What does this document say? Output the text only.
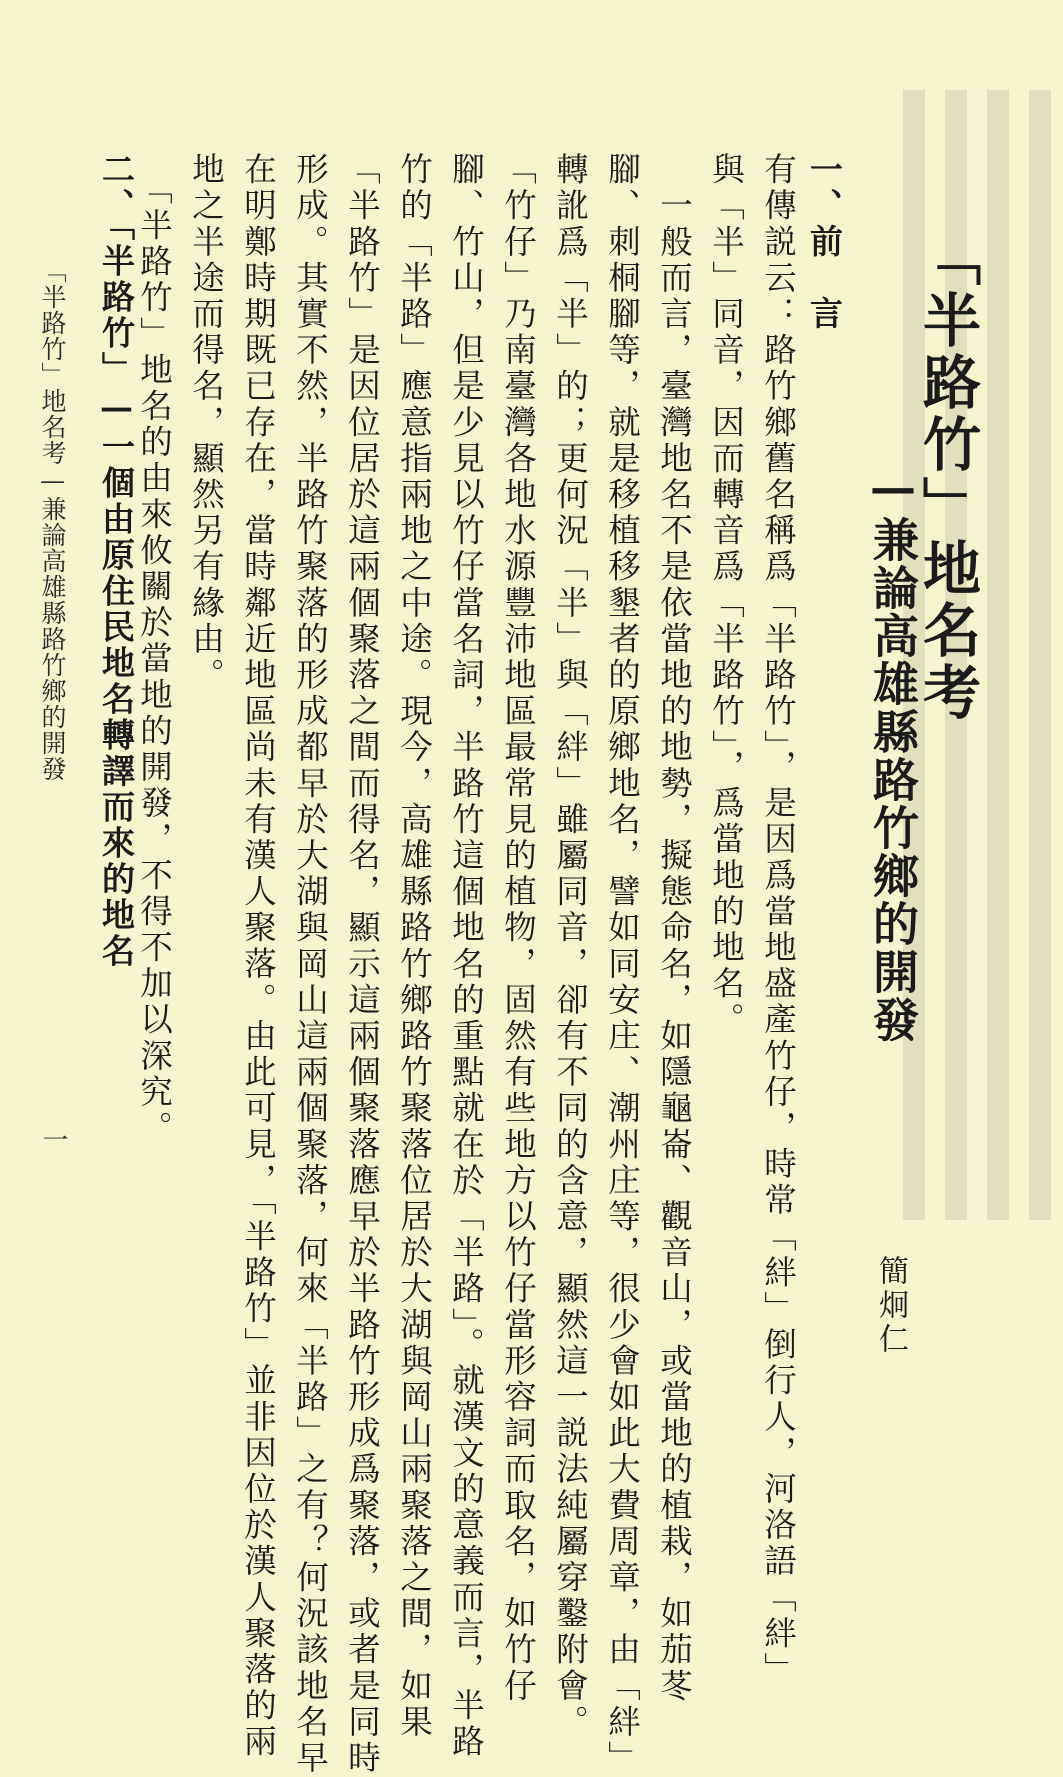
「半路竹」地名考
—兼論高雄縣路竹鄉的開發
簡炯仁
一、前　言
有傳説云：路竹鄉舊名稱爲「半路竹」，是因爲當地盛產竹仔，時常「絆」倒行人，河洛語「絆」
與「半」同音，因而轉音爲「半路竹」，爲當地的地名。
　一般而言，臺灣地名不是依當地的地勢，擬態命名，如隱龜崙、觀音山，或當地的植栽，如茄苳
腳、刺桐腳等，就是移植移墾者的原鄉地名，譬如同安庄、潮州庄等，很少會如此大費周章，由「絆」
轉訛爲「半」的；更何況「半」與「絆」雖屬同音，卻有不同的含意，顯然這一説法純屬穿鑿附會。
「竹仔」乃南臺灣各地水源豐沛地區最常見的植物，固然有些地方以竹仔當形容詞而取名，如竹仔
腳、竹山，但是少見以竹仔當名詞，半路竹這個地名的重點就在於「半路」。就漢文的意義而言，半路
竹的「半路」應意指兩地之中途。現今，高雄縣路竹鄉路竹聚落位居於大湖與岡山兩聚落之間，如果
「半路竹」是因位居於這兩個聚落之間而得名，顯示這兩個聚落應早於半路竹形成爲聚落，或者是同時
形成。其實不然，半路竹聚落的形成都早於大湖與岡山這兩個聚落，何來「半路」之有？何況該地名早
在明鄭時期既已存在，當時鄰近地區尚未有漢人聚落。由此可見，「半路竹」並非因位於漢人聚落的兩
地之半途而得名，顯然另有緣由。
　「半路竹」地名的由來攸關於當地的開發，不得不加以深究。
二、「半路竹」—一個由原住民地名轉譯而來的地名
「半路竹」地名考—兼論高雄縣路竹鄉的開發
一
